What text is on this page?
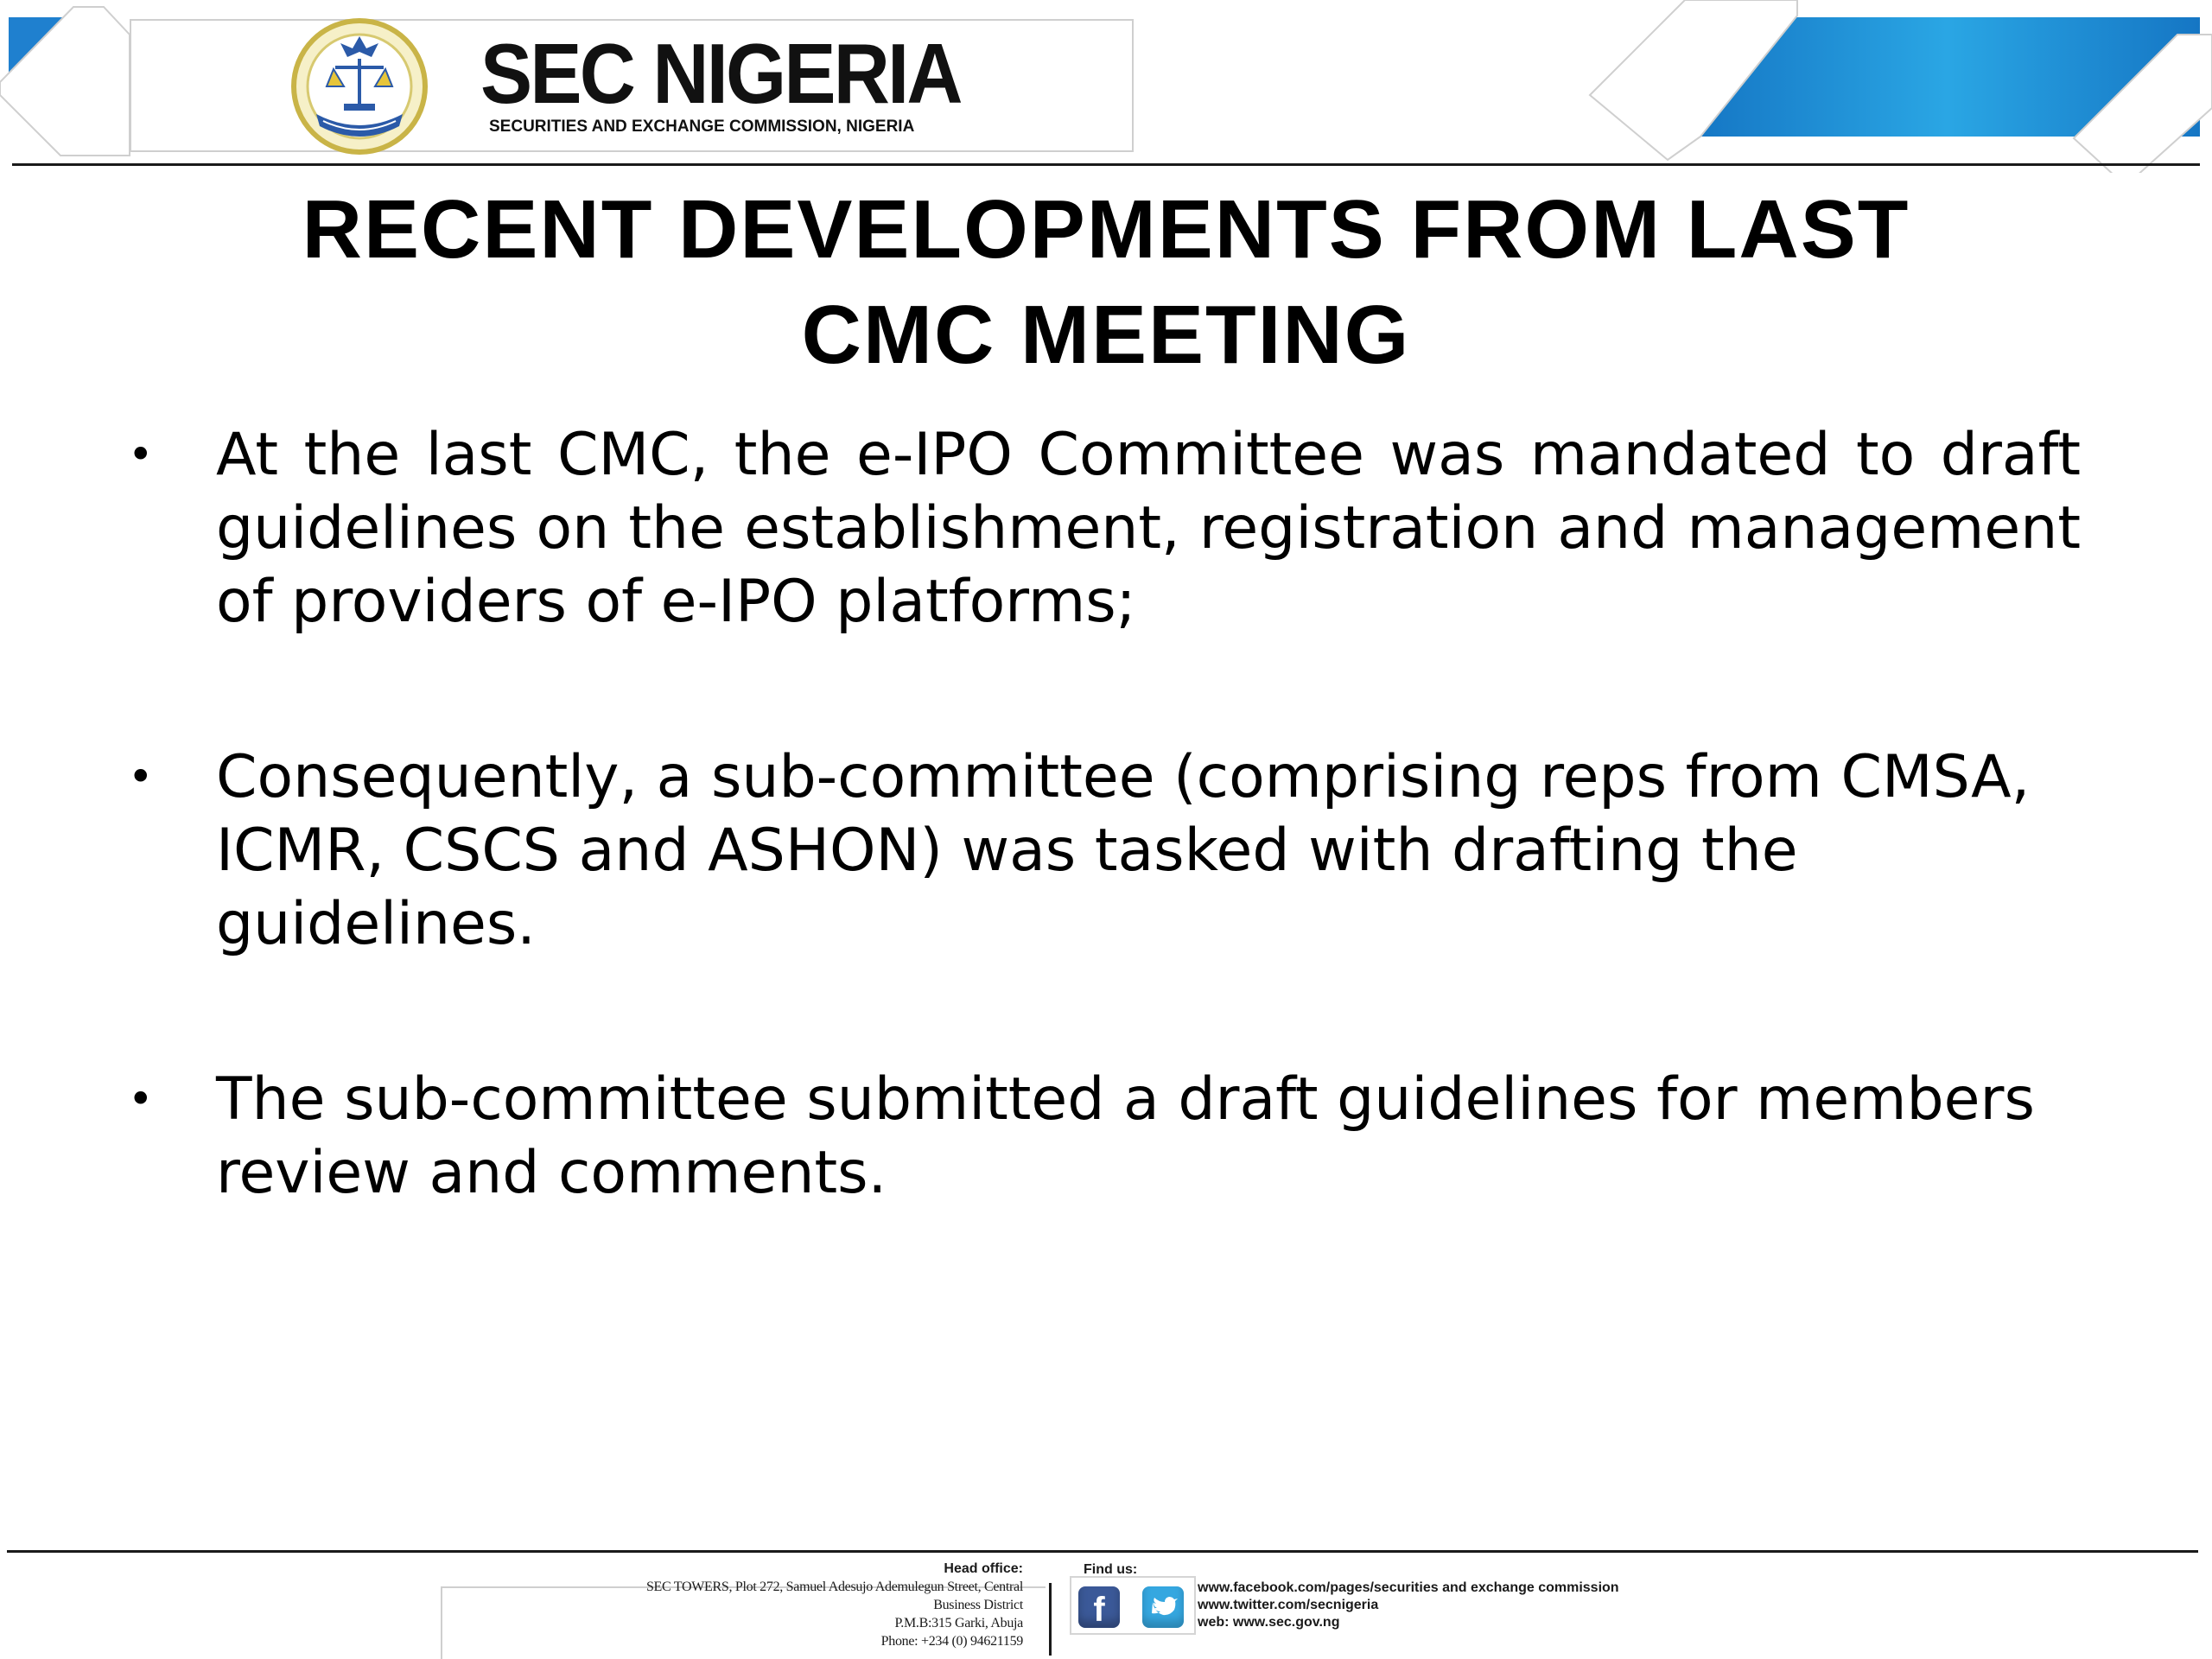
SEC NIGERIA
SECURITIES AND EXCHANGE COMMISSION, NIGERIA
RECENT DEVELOPMENTS FROM LAST
CMC MEETING
• At the last CMC, the e-IPO Committee was mandated to draft guidelines on the establishment, registration and management of providers of e-IPO platforms;
• Consequently, a sub-committee (comprising reps from CMSA, ICMR, CSCS and ASHON) was tasked with drafting the guidelines.
• The sub-committee submitted a draft guidelines for members review and comments.
Head office:
SEC TOWERS, Plot 272, Samuel Adesujo Ademulegun Street, Central
Business District
P.M.B:315 Garki, Abuja
Phone: +234 (0) 94621159
Find us:
f
www.facebook.com/pages/securities and exchange commission
www.twitter.com/secnigeria
web: www.sec.gov.ng
